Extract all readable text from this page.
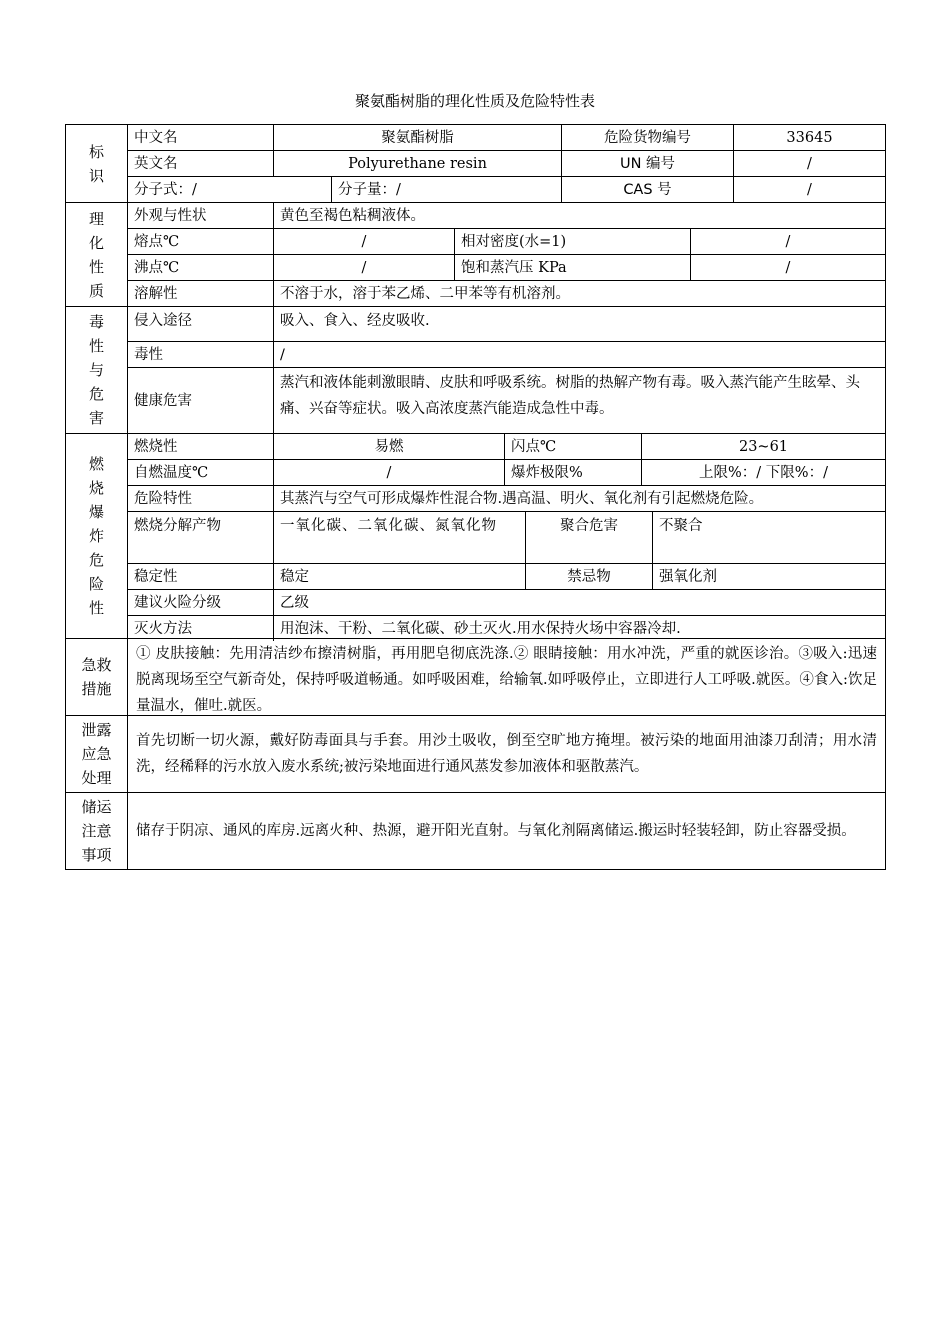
聚氨酯树脂的理化性质及危险特性表
标
识
中文名	聚氨酯树脂	危险货物编号	33645
英文名	Polyurethane resin	UN 编号	/
分子式：/	分子量：/	CAS 号	/
理
化
性
质
外观与性状	黄色至褐色粘稠液体。
熔点℃	/	相对密度(水=1)	/
沸点℃	/	饱和蒸汽压 KPa	/
溶解性	不溶于水，溶于苯乙烯、二甲苯等有机溶剂。
毒
性
与
危
害
侵入途径	吸入、食入、经皮吸收.
毒性	/
健康危害
蒸汽和液体能刺激眼睛、皮肤和呼吸系统。树脂的热解产物有毒。吸入蒸汽能产生眩晕、头痛、兴奋等症状。吸入高浓度蒸汽能造成急性中毒。
燃
烧
爆
炸
危
险
性
燃烧性	易燃	闪点℃	23~61
自燃温度℃	/	爆炸极限%	上限%：/ 下限%：/
危险特性	其蒸汽与空气可形成爆炸性混合物.遇高温、明火、氧化剂有引起燃烧危险。
燃烧分解产物	一氧化碳、二氧化碳、氮氧化物	聚合危害	不聚合
稳定性	稳定	禁忌物	强氧化剂
建议火险分级	乙级
灭火方法	用泡沫、干粉、二氧化碳、砂土灭火.用水保持火场中容器冷却.
急救
措施
① 皮肤接触：先用清洁纱布擦清树脂，再用肥皂彻底洗涤.② 眼睛接触：用水冲洗，严重的就医诊治。③吸入:迅速脱离现场至空气新奇处，保持呼吸道畅通。如呼吸困难，给输氧.如呼吸停止，立即进行人工呼吸.就医。④食入:饮足量温水，催吐.就医。
泄露
应急
处理
首先切断一切火源，戴好防毒面具与手套。用沙土吸收，倒至空旷地方掩埋。被污染的地面用油漆刀刮清；用水清洗，经稀释的污水放入废水系统;被污染地面进行通风蒸发参加液体和驱散蒸汽。
储运
注意
事项
储存于阴凉、通风的库房.远离火种、热源，避开阳光直射。与氧化剂隔离储运.搬运时轻装轻卸，防止容器受损。
